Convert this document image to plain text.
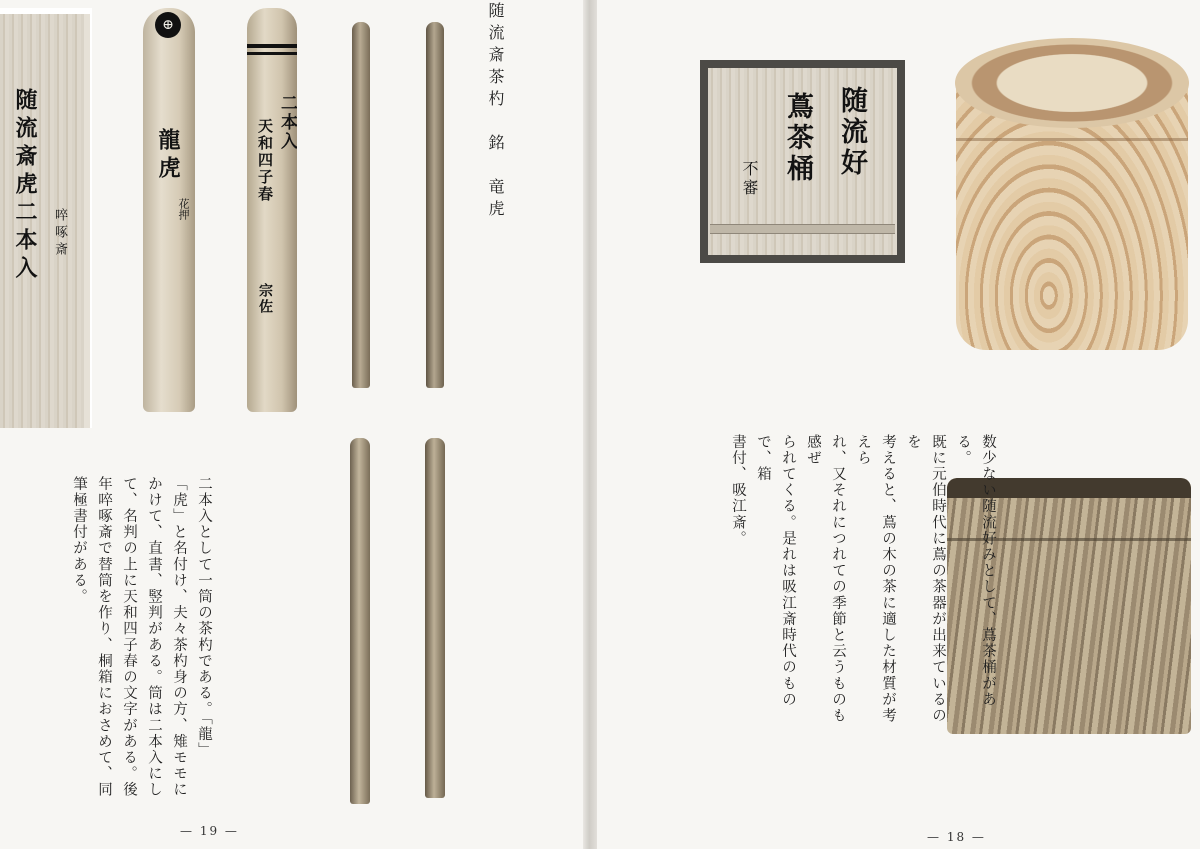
随流斎虎二本入 啐啄斎
⊕
龍虎
花押
二本入
天和四子春
宗佐
随流斎茶杓　銘　竜虎
二本入として一筒の茶杓である。「龍」
「虎」と名付け、夫々茶杓身の方、雉モモに
かけて、直書、竪判がある。筒は二本入にし
て、名判の上に天和四子春の文字がある。後
年啐啄斎で替筒を作り、桐箱におさめて、同
筆極書付がある。
— 19 —
随流好
蔦茶桶
不審
数少ない随流好みとして、蔦茶桶がある。
既に元伯時代に蔦の茶器が出来ているのを
考えると、蔦の木の茶に適した材質が考えら
れ、又それにつれての季節と云うものも感ぜ
られてくる。是れは吸江斎時代のもので、箱
書付、吸江斎。
— 18 —
